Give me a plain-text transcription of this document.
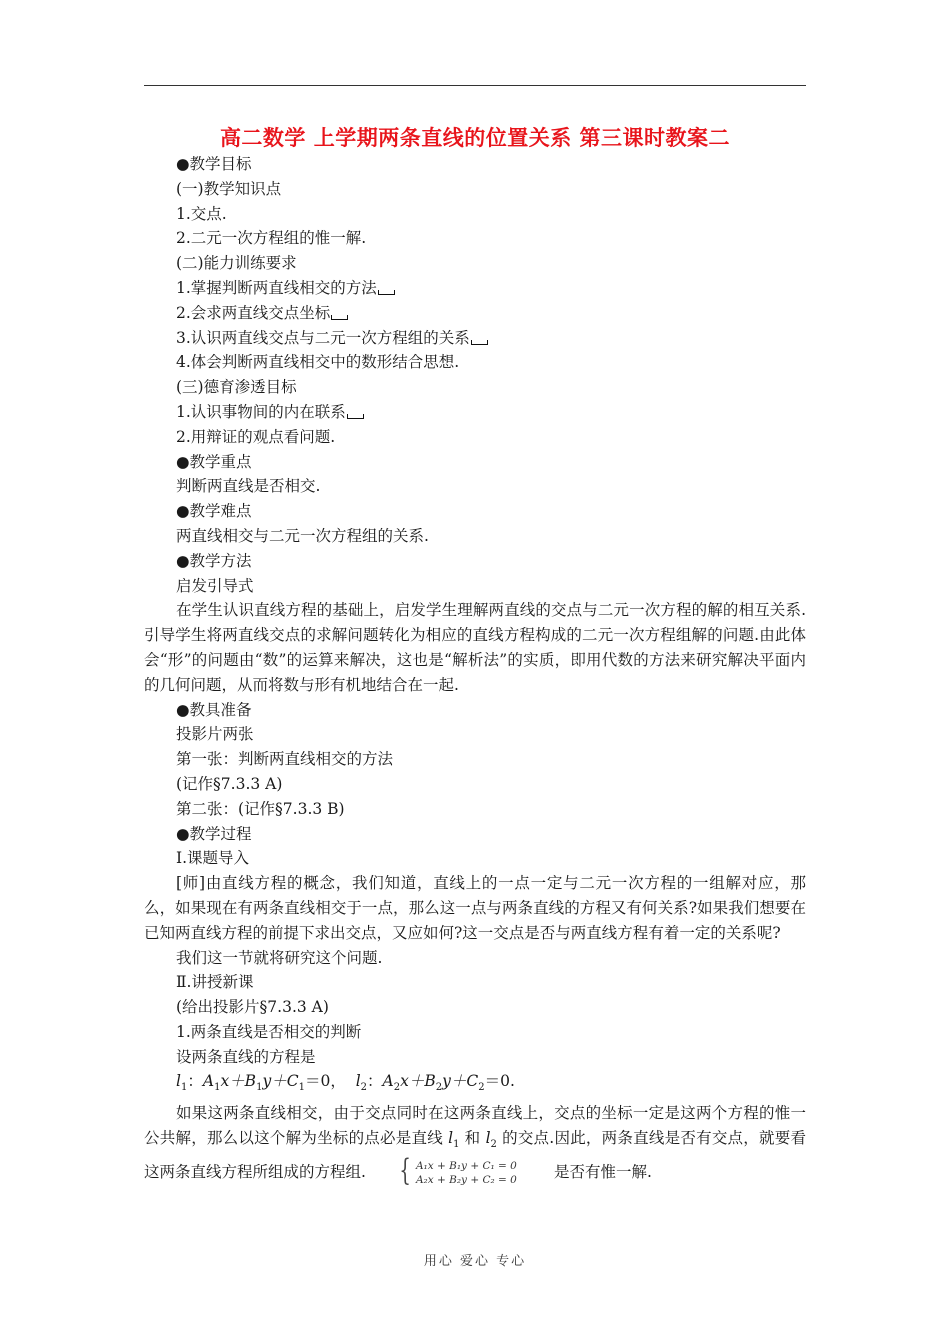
高二数学 上学期两条直线的位置关系 第三课时教案二

●教学目标

(一)教学知识点

1.交点.

2.二元一次方程组的惟一解.

(二)能力训练要求

1.掌握判断两直线相交的方法

2.会求两直线交点坐标

3.认识两直线交点与二元一次方程组的关系

4.体会判断两直线相交中的数形结合思想.

(三)德育渗透目标

1.认识事物间的内在联系

2.用辩证的观点看问题.

●教学重点

判断两直线是否相交.

●教学难点

两直线相交与二元一次方程组的关系.

●教学方法

启发引导式

在学生认识直线方程的基础上，启发学生理解两直线的交点与二元一次方程的解的相互关系.引导学生将两直线交点的求解问题转化为相应的直线方程构成的二元一次方程组解的问题.由此体会“形”的问题由“数”的运算来解决，这也是“解析法”的实质，即用代数的方法来研究解决平面内的几何问题，从而将数与形有机地结合在一起.

●教具准备

投影片两张

第一张：判断两直线相交的方法

(记作§7.3.3 A)

第二张：(记作§7.3.3 B)

●教学过程

Ⅰ.课题导入

[师]由直线方程的概念，我们知道，直线上的一点一定与二元一次方程的一组解对应，那么，如果现在有两条直线相交于一点，那么这一点与两条直线的方程又有何关系?如果我们想要在已知两直线方程的前提下求出交点，又应如何?这一交点是否与两直线方程有着一定的关系呢?

我们这一节就将研究这个问题.

Ⅱ.讲授新课

(给出投影片§7.3.3 A)

1.两条直线是否相交的判断

设两条直线的方程是

$l_1$：$A_1x+B_1y+C_1=0$， $l_2$：$A_2x+B_2y+C_2=0$.

如果这两条直线相交，由于交点同时在这两条直线上，交点的坐标一定是这两个方程的惟一公共解，那么以这个解为坐标的点必是直线 $l_1$ 和 $l_2$ 的交点.因此，两条直线是否有交点，就要看这两条直线方程所组成的方程组.	{ A₁x + B₁y + C₁ = 0
A₂x + B₂y + C₂ = 0 是否有惟一解.

用心 爱心 专心
